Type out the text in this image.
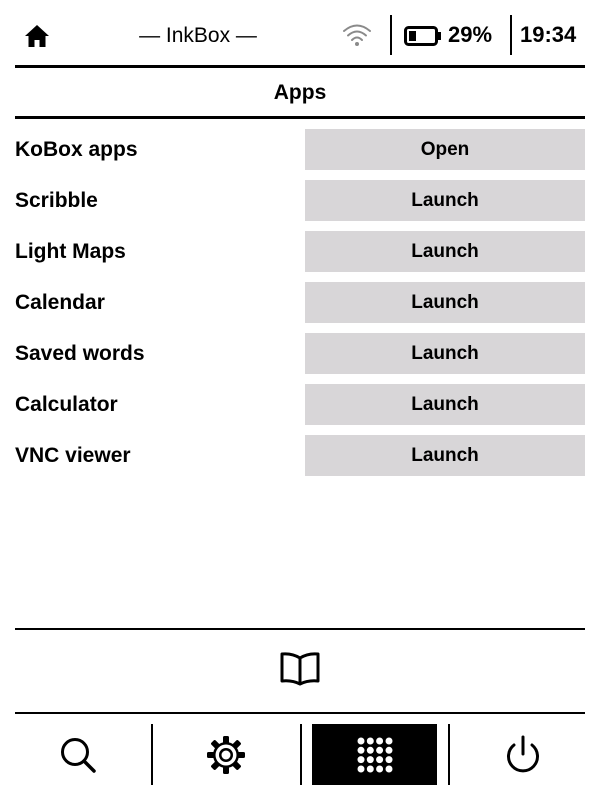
— InkBox —	29%	19:34
Apps
KoBox apps	Open
Scribble	Launch
Light Maps	Launch
Calendar	Launch
Saved words	Launch
Calculator	Launch
VNC viewer	Launch
